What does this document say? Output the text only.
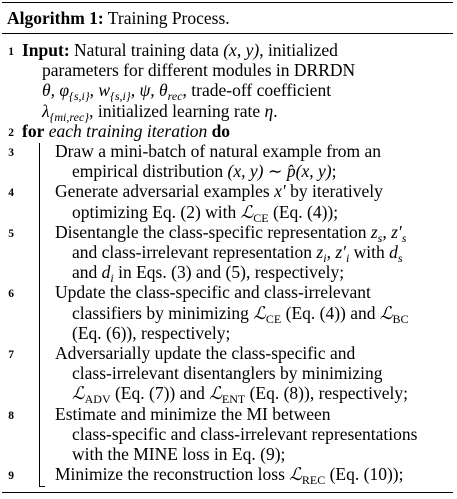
Algorithm 1: Training Process.
1 Input: Natural training data (x, y), initialized
parameters for different modules in DRRDN
θ, $\varphi_{\{s,i\}}$, $w_{\{s,i\}}$, ψ, $\theta_{rec}$, trade-off coefficient
$\lambda_{\{mi,rec\}}$, initialized learning rate η.
2 for each training iteration do
3 Draw a mini-batch of natural example from an
empirical distribution (x, y) ∼ p̂(x, y);
4 Generate adversarial examples x′ by iteratively
optimizing Eq. (2) with ℒ$_{CE}$ (Eq. (4));
5 Disentangle the class-specific representation $z_s$, $z'_s$
and class-irrelevant representation $z_i$, $z'_i$ with $d_s$
and $d_i$ in Eqs. (3) and (5), respectively;
6 Update the class-specific and class-irrelevant
classifiers by minimizing ℒ$_{CE}$ (Eq. (4)) and ℒ$_{BC}$
(Eq. (6)), respectively;
7 Adversarially update the class-specific and
class-irrelevant disentanglers by minimizing
ℒ$_{ADV}$ (Eq. (7)) and ℒ$_{ENT}$ (Eq. (8)), respectively;
8 Estimate and minimize the MI between
class-specific and class-irrelevant representations
with the MINE loss in Eq. (9);
9 Minimize the reconstruction loss ℒ$_{REC}$ (Eq. (10));
